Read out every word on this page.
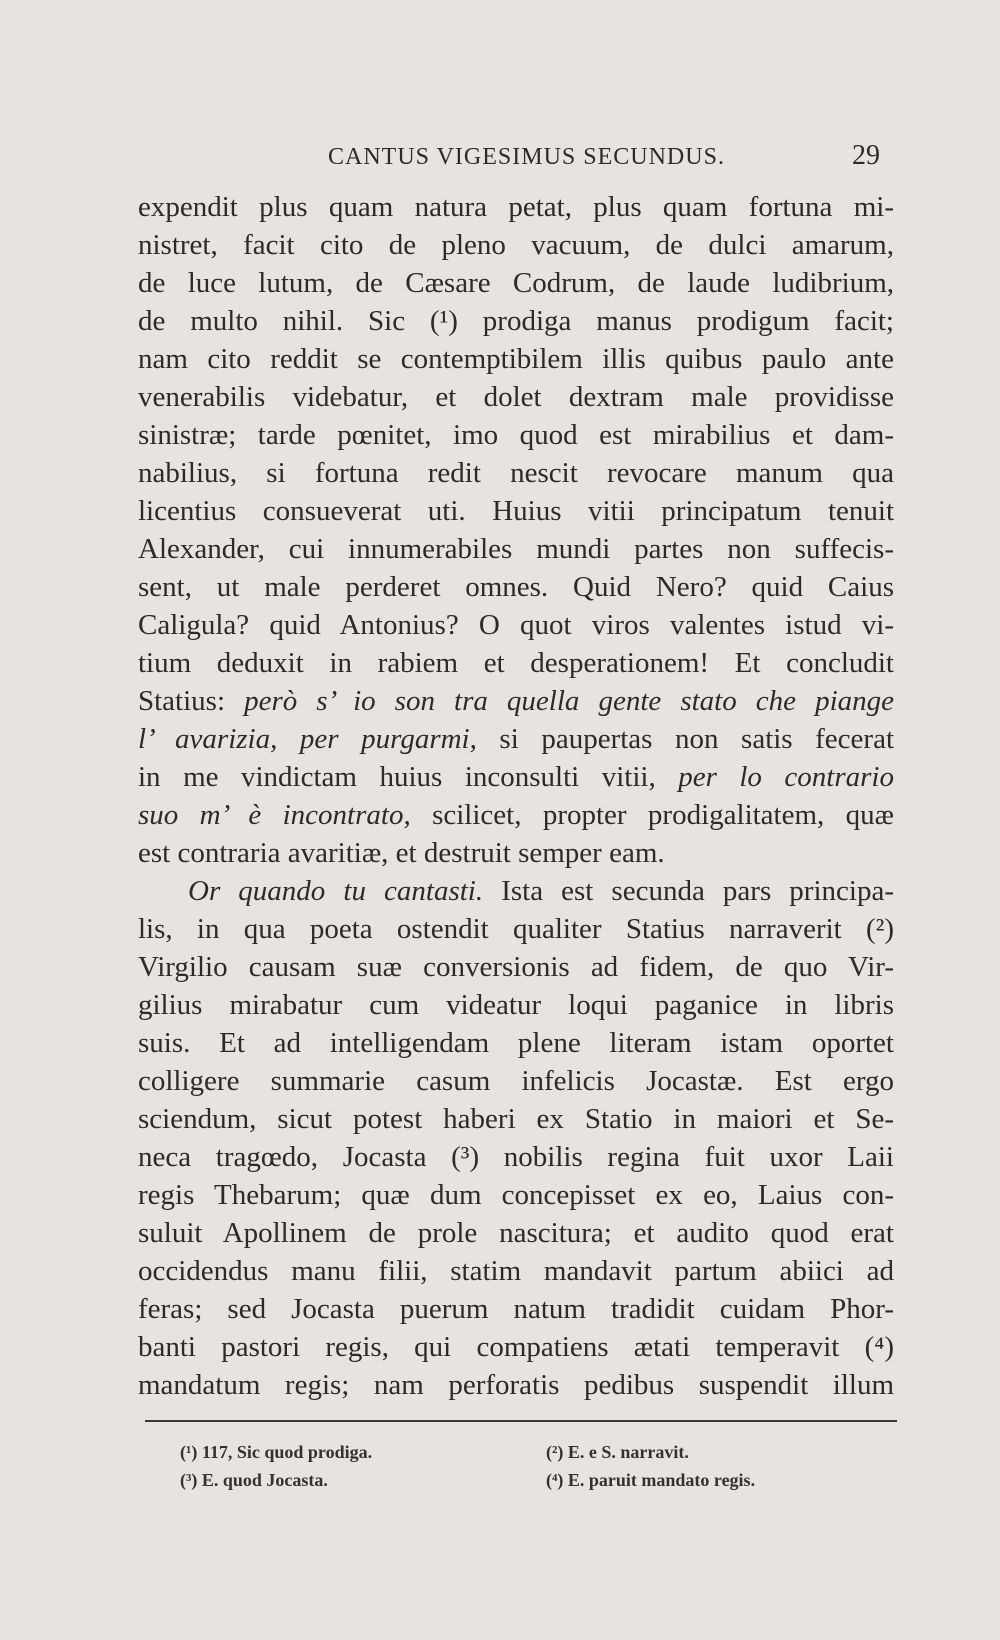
CANTUS VIGESIMUS SECUNDUS.	29
expendit plus quam natura petat, plus quam fortuna mi-
nistret, facit cito de pleno vacuum, de dulci amarum,
de luce lutum, de Cæsare Codrum, de laude ludibrium,
de multo nihil. Sic (¹) prodiga manus prodigum facit;
nam cito reddit se contemptibilem illis quibus paulo ante
venerabilis videbatur, et dolet dextram male providisse
sinistræ; tarde pœnitet, imo quod est mirabilius et dam-
nabilius, si fortuna redit nescit revocare manum qua
licentius consueverat uti. Huius vitii principatum tenuit
Alexander, cui innumerabiles mundi partes non suffecis-
sent, ut male perderet omnes. Quid Nero? quid Caius
Caligula? quid Antonius? O quot viros valentes istud vi-
tium deduxit in rabiem et desperationem! Et concludit
Statius: però s’ io son tra quella gente stato che piange
l’ avarizia, per purgarmi, si paupertas non satis fecerat
in me vindictam huius inconsulti vitii, per lo contrario
suo m’ è incontrato, scilicet, propter prodigalitatem, quæ
est contraria avaritiæ, et destruit semper eam.
Or quando tu cantasti. Ista est secunda pars principa-
lis, in qua poeta ostendit qualiter Statius narraverit (²)
Virgilio causam suæ conversionis ad fidem, de quo Vir-
gilius mirabatur cum videatur loqui paganice in libris
suis. Et ad intelligendam plene literam istam oportet
colligere summarie casum infelicis Jocastæ. Est ergo
sciendum, sicut potest haberi ex Statio in maiori et Se-
neca tragœdo, Jocasta (³) nobilis regina fuit uxor Laii
regis Thebarum; quæ dum concepisset ex eo, Laius con-
suluit Apollinem de prole nascitura; et audito quod erat
occidendus manu filii, statim mandavit partum abiici ad
feras; sed Jocasta puerum natum tradidit cuidam Phor-
banti pastori regis, qui compatiens ætati temperavit (⁴)
mandatum regis; nam perforatis pedibus suspendit illum
(¹) 117, Sic quod prodiga.	(²) E. e S. narravit.
(³) E. quod Jocasta.	(⁴) E. paruit mandato regis.
